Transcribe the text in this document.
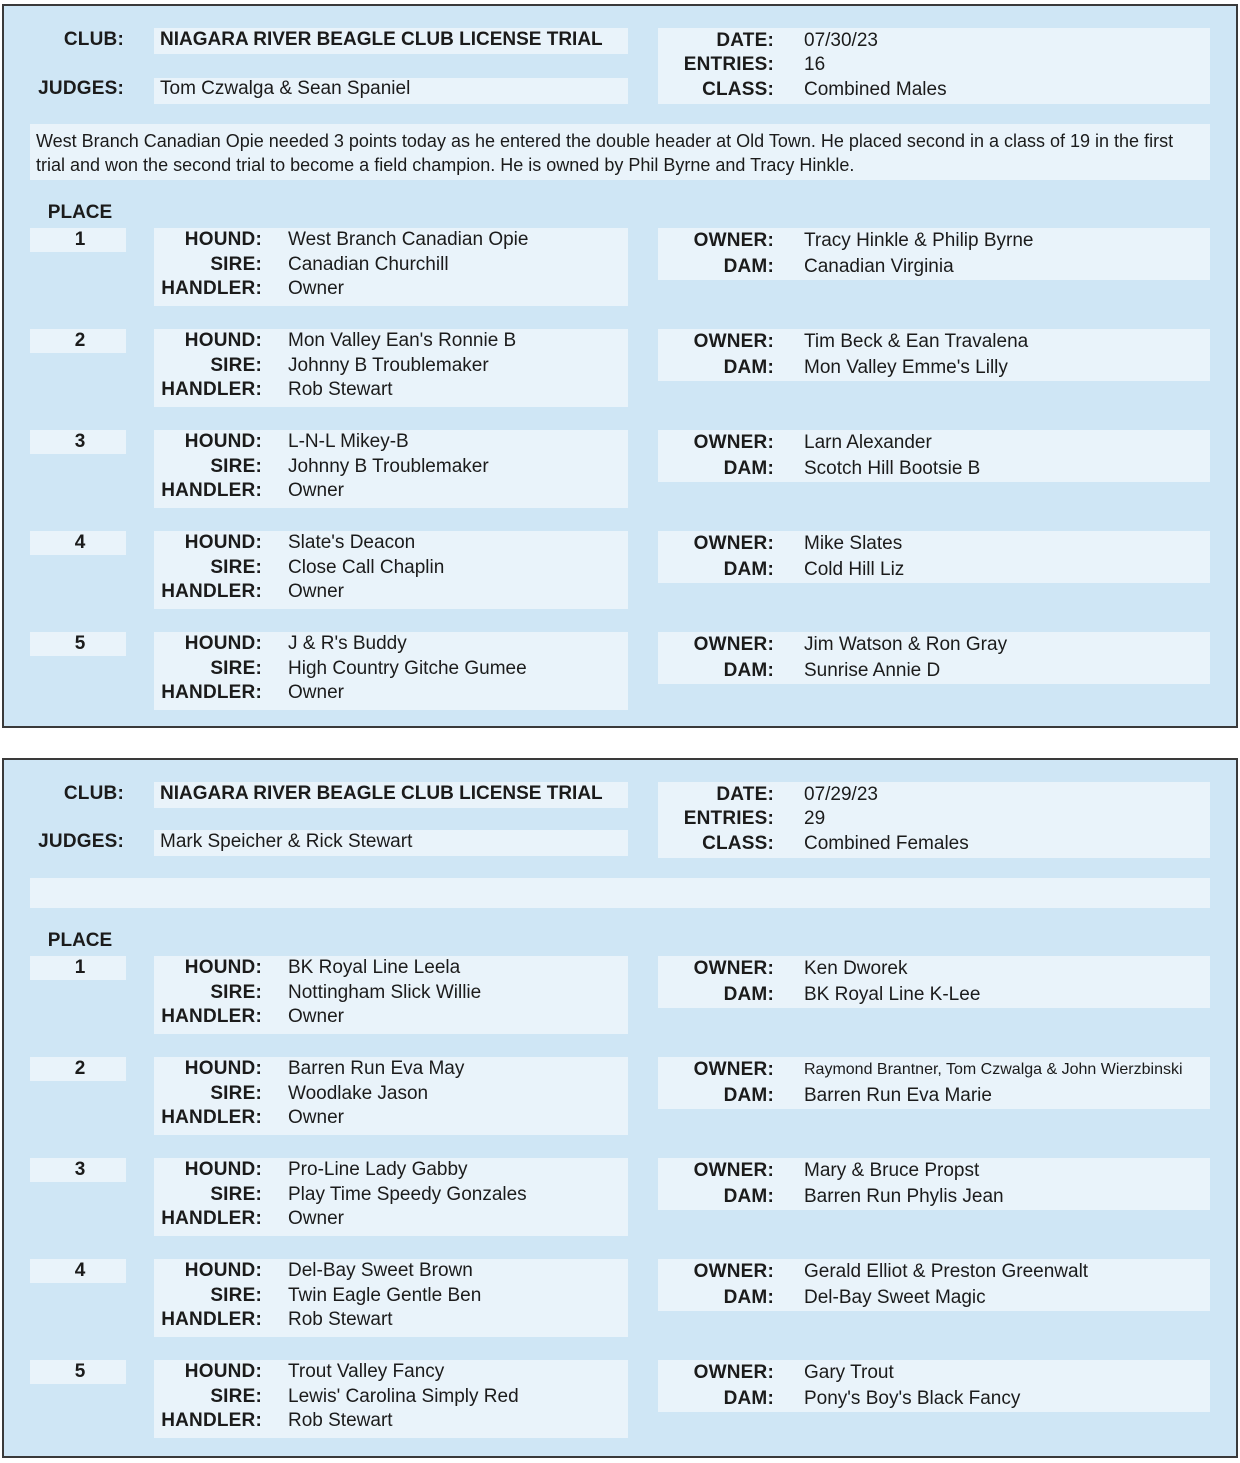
CLUB: NIAGARA RIVER BEAGLE CLUB LICENSE TRIAL
JUDGES: Tom Czwalga & Sean Spaniel
DATE: 07/30/23
ENTRIES: 16
CLASS: Combined Males
West Branch Canadian Opie needed 3 points today as he entered the double header at Old Town. He placed second in a class of 19 in the first trial and won the second trial to become a field champion. He is owned by Phil Byrne and Tracy Hinkle.
PLACE
1	HOUND: West Branch Canadian Opie
SIRE: Canadian Churchill
HANDLER: Owner
OWNER: Tracy Hinkle & Philip Byrne
DAM: Canadian Virginia
2	HOUND: Mon Valley Ean's Ronnie B
SIRE: Johnny B Troublemaker
HANDLER: Rob Stewart
OWNER: Tim Beck & Ean Travalena
DAM: Mon Valley Emme's Lilly
3	HOUND: L-N-L Mikey-B
SIRE: Johnny B Troublemaker
HANDLER: Owner
OWNER: Larn Alexander
DAM: Scotch Hill Bootsie B
4	HOUND: Slate's Deacon
SIRE: Close Call Chaplin
HANDLER: Owner
OWNER: Mike Slates
DAM: Cold Hill Liz
5	HOUND: J & R's Buddy
SIRE: High Country Gitche Gumee
HANDLER: Owner
OWNER: Jim Watson & Ron Gray
DAM: Sunrise Annie D
CLUB: NIAGARA RIVER BEAGLE CLUB LICENSE TRIAL
JUDGES: Mark Speicher & Rick Stewart
DATE: 07/29/23
ENTRIES: 29
CLASS: Combined Females
PLACE
1	HOUND: BK Royal Line Leela
SIRE: Nottingham Slick Willie
HANDLER: Owner
OWNER: Ken Dworek
DAM: BK Royal Line K-Lee
2	HOUND: Barren Run Eva May
SIRE: Woodlake Jason
HANDLER: Owner
OWNER: Raymond Brantner, Tom Czwalga & John Wierzbinski
DAM: Barren Run Eva Marie
3	HOUND: Pro-Line Lady Gabby
SIRE: Play Time Speedy Gonzales
HANDLER: Owner
OWNER: Mary & Bruce Propst
DAM: Barren Run Phylis Jean
4	HOUND: Del-Bay Sweet Brown
SIRE: Twin Eagle Gentle Ben
HANDLER: Rob Stewart
OWNER: Gerald Elliot & Preston Greenwalt
DAM: Del-Bay Sweet Magic
5	HOUND: Trout Valley Fancy
SIRE: Lewis' Carolina Simply Red
HANDLER: Rob Stewart
OWNER: Gary Trout
DAM: Pony's Boy's Black Fancy
